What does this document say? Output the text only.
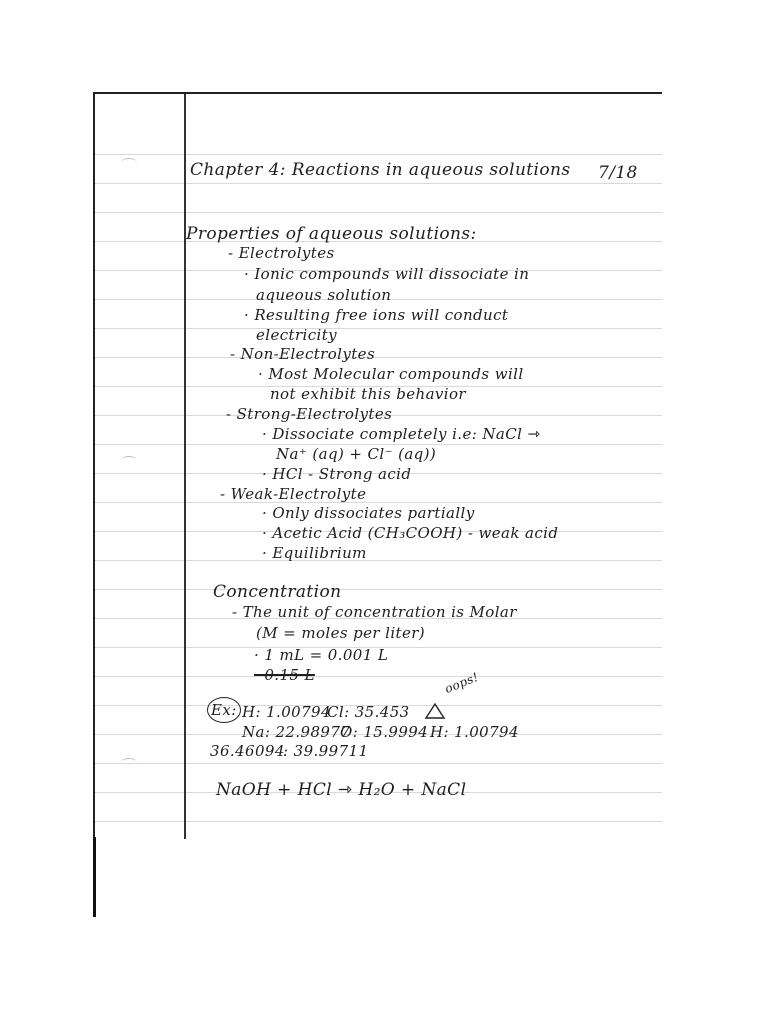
Chapter 4: Reactions in aqueous solutions 7/18
Properties of aqueous solutions:
- Electrolytes
· Ionic compounds will dissociate in
aqueous solution
· Resulting free ions will conduct
electricity
- Non-Electrolytes
· Most Molecular compounds will
not exhibit this behavior
- Strong-Electrolytes
· Dissociate completely i.e: NaCl ⇾
Na⁺ (aq) + Cl⁻ (aq))
· HCl - Strong acid
- Weak-Electrolyte
· Only dissociates partially
· Acetic Acid (CH₃COOH) - weak acid
· Equilibrium
Concentration
- The unit of concentration is Molar
(M = moles per liter)
· 1 mL = 0.001 L
· 0.15 L
Ex: H: 1.00794
Cl: 35.453
oops!
Na: 22.98977
O: 15.9994 H: 1.00794
36.46094
: 39.99711
NaOH + HCl ⇾ H₂O + NaCl
